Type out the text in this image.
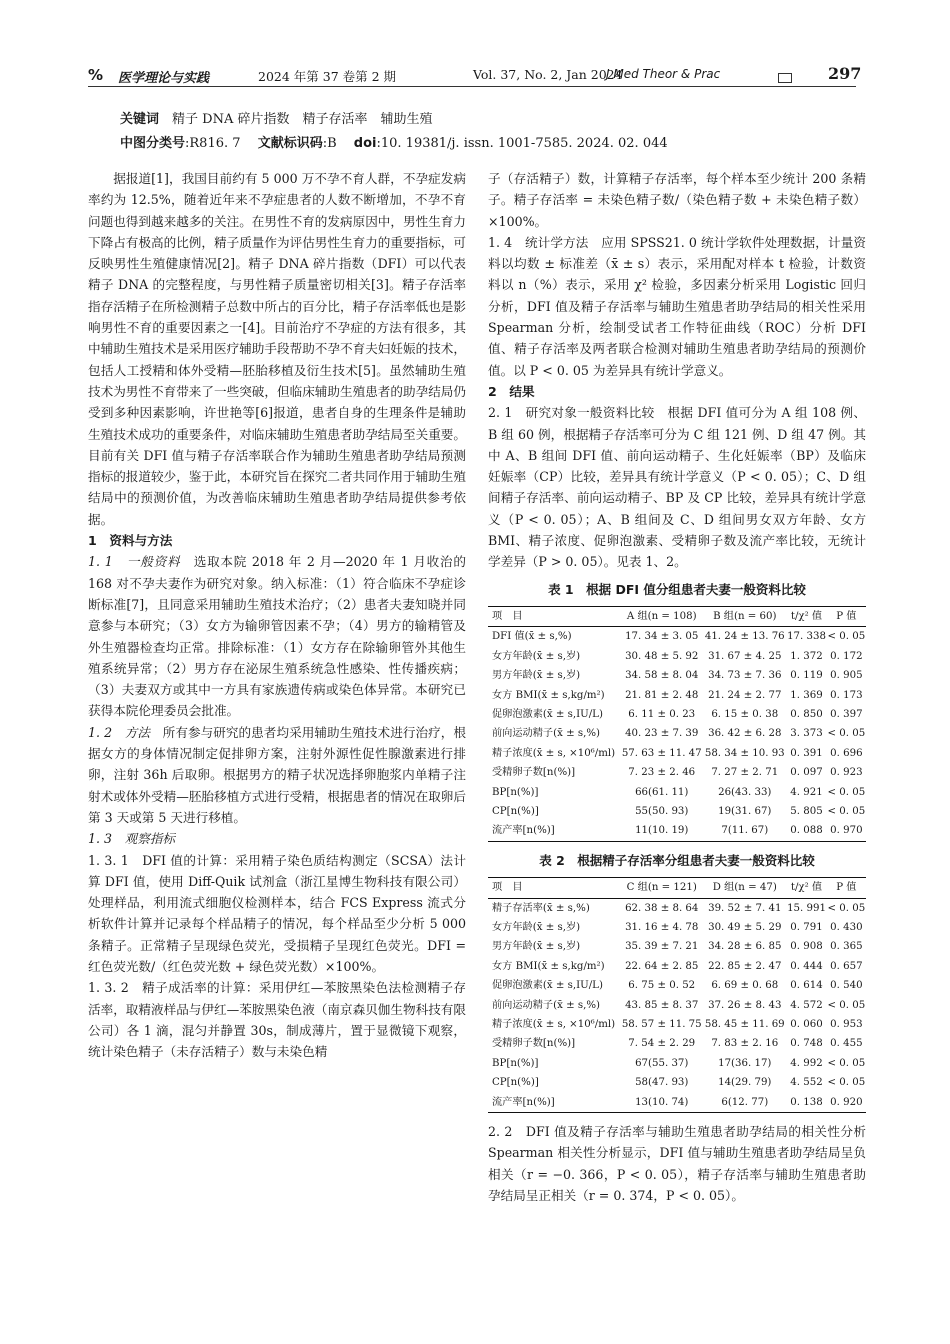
% 医学理论与实践	2024 年第 37 卷第 2 期	Vol. 37, No. 2, Jan 2024
J Med Theor & Prac	297
关键词　 精子 DNA 碎片指数　精子存活率　辅助生殖
中图分类号:R816. 7　 文献标识码:B　 doi:10. 19381/j. issn. 1001-7585. 2024. 02. 044

据报道[1]，我国目前约有 5 000 万不孕不育人群，不孕症发病率约为 12.5%，随着近年来不孕症患者的人数不断增加，不孕不育问题也得到越来越多的关注。在男性不育的发病原因中，男性生育力下降占有极高的比例，精子质量作为评估男性生育力的重要指标，可反映男性生殖健康情况[2]。精子 DNA 碎片指数（DFI）可以代表精子 DNA 的完整程度，与男性精子质量密切相关[3]。精子存活率指存活精子在所检测精子总数中所占的百分比，精子存活率低也是影响男性不育的重要因素之一[4]。目前治疗不孕症的方法有很多，其中辅助生殖技术是采用医疗辅助手段帮助不孕不育夫妇妊娠的技术，包括人工授精和体外受精—胚胎移植及衍生技术[5]。虽然辅助生殖技术为男性不育带来了一些突破，但临床辅助生殖患者的助孕结局仍受到多种因素影响，许世艳等[6]报道，患者自身的生理条件是辅助生殖技术成功的重要条件，对临床辅助生殖患者助孕结局至关重要。目前有关 DFI 值与精子存活率联合作为辅助生殖患者助孕结局预测指标的报道较少，鉴于此，本研究旨在探究二者共同作用于辅助生殖结局中的预测价值，为改善临床辅助生殖患者助孕结局提供参考依据。

1　资料与方法

1. 1　一般资料　选取本院 2018 年 2 月—2020 年 1 月收治的 168 对不孕夫妻作为研究对象。纳入标准：（1）符合临床不孕症诊断标准[7]，且同意采用辅助生殖技术治疗；（2）患者夫妻知晓并同意参与本研究；（3）女方为输卵管因素不孕；（4）男方的输精管及外生殖器检查均正常。排除标准：（1）女方存在除输卵管外其他生殖系统异常；（2）男方存在泌尿生殖系统急性感染、性传播疾病；（3）夫妻双方或其中一方具有家族遗传病或染色体异常。本研究已获得本院伦理委员会批准。

1. 2　方法　所有参与研究的患者均采用辅助生殖技术进行治疗，根据女方的身体情况制定促排卵方案，注射外源性促性腺激素进行排卵，注射 36h 后取卵。根据男方的精子状况选择卵胞浆内单精子注射术或体外受精—胚胎移植方式进行受精，根据患者的情况在取卵后第 3 天或第 5 天进行移植。

1. 3　观察指标

1. 3. 1　DFI 值的计算：采用精子染色质结构测定（SCSA）法计算 DFI 值，使用 Diff-Quik 试剂盒（浙江星博生物科技有限公司）处理样品，利用流式细胞仪检测样本，结合 FCS Express 流式分析软件计算并记录每个样品精子的情况，每个样品至少分析 5 000 条精子。正常精子呈现绿色荧光，受损精子呈现红色荧光。DFI = 红色荧光数/（红色荧光数 + 绿色荧光数）×100%。

1. 3. 2　精子成活率的计算：采用伊红—苯胺黑染色法检测精子存活率，取精液样品与伊红—苯胺黑染色液（南京森贝伽生物科技有限公司）各 1 滴，混匀并静置 30s，制成薄片，置于显微镜下观察，统计染色精子（未存活精子）数与未染色精

子（存活精子）数，计算精子存活率，每个样本至少统计 200 条精子。精子存活率 = 未染色精子数/（染色精子数 + 未染色精子数）×100%。

1. 4　统计学方法　应用 SPSS21. 0 统计学软件处理数据，计量资料以均数 ± 标准差（x̄ ± s）表示，采用配对样本 t 检验，计数资料以 n（%）表示，采用 χ² 检验，多因素分析采用 Logistic 回归分析，DFI 值及精子存活率与辅助生殖患者助孕结局的相关性采用 Spearman 分析，绘制受试者工作特征曲线（ROC）分析 DFI 值、精子存活率及两者联合检测对辅助生殖患者助孕结局的预测价值。以 P < 0. 05 为差异具有统计学意义。

2　结果

2. 1　研究对象一般资料比较　根据 DFI 值可分为 A 组 108 例、B 组 60 例，根据精子存活率可分为 C 组 121 例、D 组 47 例。其中 A、B 组间 DFI 值、前向运动精子、生化妊娠率（BP）及临床妊娠率（CP）比较，差异具有统计学意义（P < 0. 05）；C、D 组间精子存活率、前向运动精子、BP 及 CP 比较，差异具有统计学意义（P < 0. 05）；A、B 组间及 C、D 组间男女双方年龄、女方 BMI、精子浓度、促卵泡激素、受精卵子数及流产率比较，无统计学差异（P > 0. 05）。见表 1、2。

表 1　根据 DFI 值分组患者夫妻一般资料比较
项　目	A 组(n = 108)	B 组(n = 60)	t/χ² 值	P 值
DFI 值(x̄ ± s,%)	17. 34 ± 3. 05	41. 24 ± 13. 76	17. 338	< 0. 05
女方年龄(x̄ ± s,岁)	30. 48 ± 5. 92	31. 67 ± 4. 25	1. 372	0. 172
男方年龄(x̄ ± s,岁)	34. 58 ± 8. 04	34. 73 ± 7. 36	0. 119	0. 905
女方 BMI(x̄ ± s,kg/m²)	21. 81 ± 2. 48	21. 24 ± 2. 77	1. 369	0. 173
促卵泡激素(x̄ ± s,IU/L)	6. 11 ± 0. 23	6. 15 ± 0. 38	0. 850	0. 397
前向运动精子(x̄ ± s,%)	40. 23 ± 7. 39	36. 42 ± 6. 28	3. 373	< 0. 05
精子浓度(x̄ ± s, ×10⁶/ml)	57. 63 ± 11. 47	58. 34 ± 10. 93	0. 391	0. 696
受精卵子数[n(%)]	7. 23 ± 2. 46	7. 27 ± 2. 71	0. 097	0. 923
BP[n(%)]	66(61. 11)	26(43. 33)	4. 921	< 0. 05
CP[n(%)]	55(50. 93)	19(31. 67)	5. 805	< 0. 05
流产率[n(%)]	11(10. 19)	7(11. 67)	0. 088	0. 970
表 2　根据精子存活率分组患者夫妻一般资料比较
项　目	C 组(n = 121)	D 组(n = 47)	t/χ² 值	P 值
精子存活率(x̄ ± s,%)	62. 38 ± 8. 64	39. 52 ± 7. 41	15. 991	< 0. 05
女方年龄(x̄ ± s,岁)	31. 16 ± 4. 78	30. 49 ± 5. 29	0. 791	0. 430
男方年龄(x̄ ± s,岁)	35. 39 ± 7. 21	34. 28 ± 6. 85	0. 908	0. 365
女方 BMI(x̄ ± s,kg/m²)	22. 64 ± 2. 85	22. 85 ± 2. 47	0. 444	0. 657
促卵泡激素(x̄ ± s,IU/L)	6. 75 ± 0. 52	6. 69 ± 0. 68	0. 614	0. 540
前向运动精子(x̄ ± s,%)	43. 85 ± 8. 37	37. 26 ± 8. 43	4. 572	< 0. 05
精子浓度(x̄ ± s, ×10⁶/ml)	58. 57 ± 11. 75	58. 45 ± 11. 69	0. 060	0. 953
受精卵子数[n(%)]	7. 54 ± 2. 29	7. 83 ± 2. 16	0. 748	0. 455
BP[n(%)]	67(55. 37)	17(36. 17)	4. 992	< 0. 05
CP[n(%)]	58(47. 93)	14(29. 79)	4. 552	< 0. 05
流产率[n(%)]	13(10. 74)	6(12. 77)	0. 138	0. 920

2. 2　DFI 值及精子存活率与辅助生殖患者助孕结局的相关性分析　Spearman 相关性分析显示，DFI 值与辅助生殖患者助孕结局呈负相关（r = −0. 366，P < 0. 05），精子存活率与辅助生殖患者助孕结局呈正相关（r = 0. 374，P < 0. 05）。
